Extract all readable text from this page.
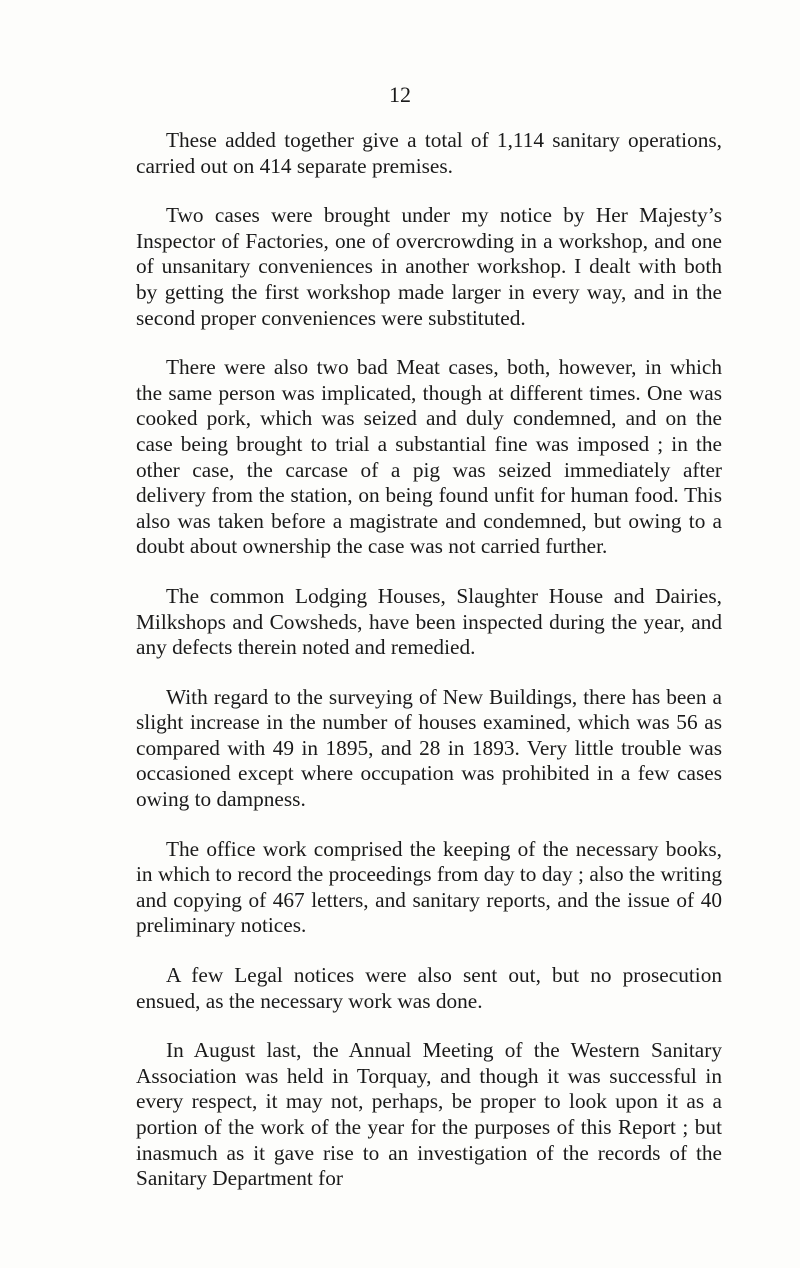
12

These added together give a total of 1,114 sanitary operations, carried out on 414 separate premises.

Two cases were brought under my notice by Her Majesty’s Inspector of Factories, one of overcrowding in a workshop, and one of unsanitary conveniences in another workshop. I dealt with both by getting the first workshop made larger in every way, and in the second proper conveniences were substituted.

There were also two bad Meat cases, both, however, in which the same person was implicated, though at different times. One was cooked pork, which was seized and duly condemned, and on the case being brought to trial a substantial fine was imposed ; in the other case, the carcase of a pig was seized immediately after delivery from the station, on being found unfit for human food. This also was taken before a magistrate and condemned, but owing to a doubt about ownership the case was not carried further.

The common Lodging Houses, Slaughter House and Dairies, Milkshops and Cowsheds, have been inspected during the year, and any defects therein noted and remedied.

With regard to the surveying of New Buildings, there has been a slight increase in the number of houses examined, which was 56 as compared with 49 in 1895, and 28 in 1893. Very little trouble was occasioned except where occupation was prohibited in a few cases owing to dampness.

The office work comprised the keeping of the necessary books, in which to record the proceedings from day to day ; also the writing and copying of 467 letters, and sanitary reports, and the issue of 40 preliminary notices.

A few Legal notices were also sent out, but no prosecution ensued, as the necessary work was done.

In August last, the Annual Meeting of the Western Sanitary Association was held in Torquay, and though it was successful in every respect, it may not, perhaps, be proper to look upon it as a portion of the work of the year for the purposes of this Report ; but inasmuch as it gave rise to an investigation of the records of the Sanitary Department for
